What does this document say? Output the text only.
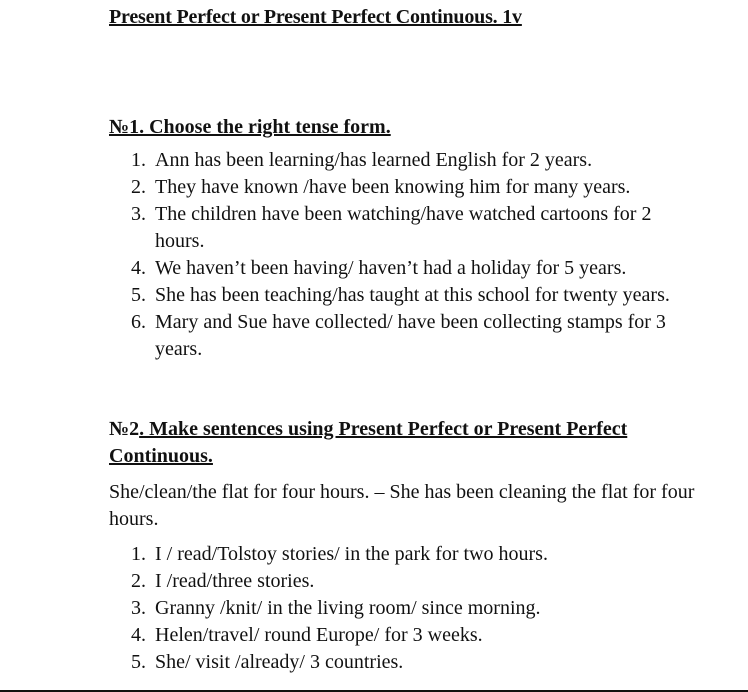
Present Perfect or Present Perfect Continuous. 1v
№1. Choose the right tense form.
1. Ann has been learning/has learned English for 2 years.
2. They have known /have been knowing him for many years.
3. The children have been watching/have watched cartoons for 2 hours.
4. We haven’t been having/ haven’t had a holiday for 5 years.
5. She has been teaching/has taught at this school for twenty years.
6. Mary and Sue have collected/ have been collecting stamps for 3 years.
№2. Make sentences using Present Perfect or Present Perfect Continuous.
She/clean/the flat for four hours. – She has been cleaning the flat for four hours.
1. I / read/Tolstoy stories/ in the park for two hours.
2. I /read/three stories.
3. Granny /knit/ in the living room/ since morning.
4. Helen/travel/ round Europe/ for 3 weeks.
5. She/ visit /already/ 3 countries.
